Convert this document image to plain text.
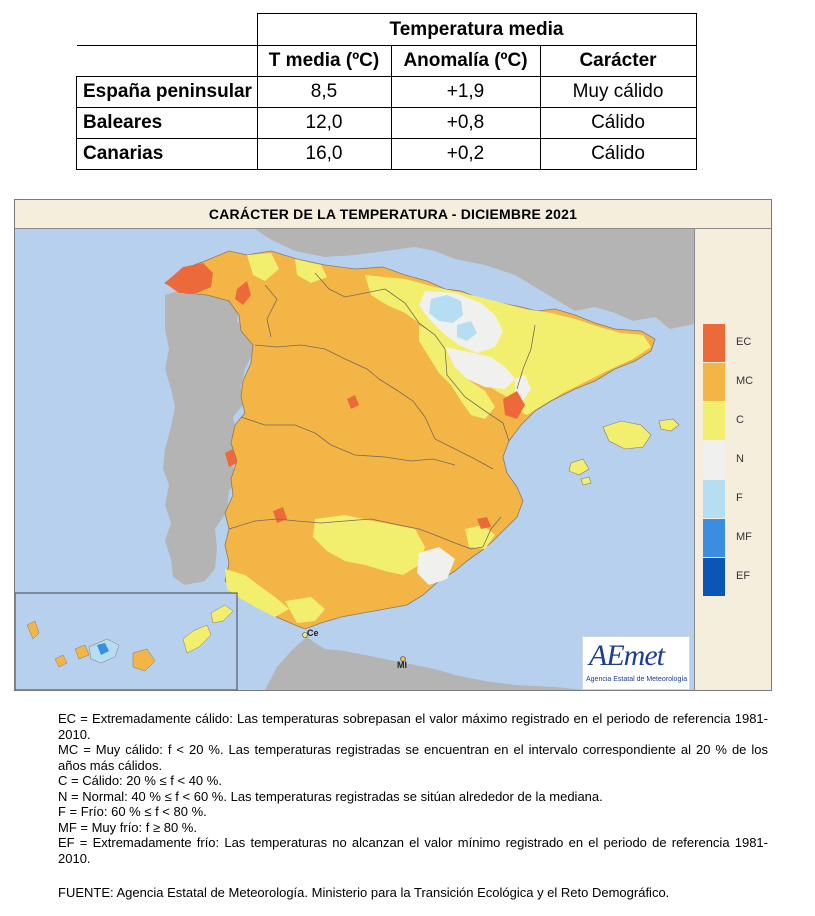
	Temperatura media		
	T media (ºC)	Anomalía (ºC)	Carácter
España peninsular	8,5	+1,9	Muy cálido
Baleares	12,0	+0,8	Cálido
Canarias	16,0	+0,2	Cálido
CARÁCTER DE LA TEMPERATURA - DICIEMBRE 2021
Ce
Ml	AEmet
Agencia Estatal de Meteorología
EC
MC
C
N
F
MF
EF

EC = Extremadamente cálido: Las temperaturas sobrepasan el valor máximo registrado en el periodo de referencia 1981-2010.

MC = Muy cálido: f < 20 %. Las temperaturas registradas se encuentran en el intervalo correspondiente al 20 % de los años más cálidos.

C = Cálido: 20 % ≤ f < 40 %.

N = Normal: 40 % ≤ f < 60 %. Las temperaturas registradas se sitúan alrededor de la mediana.

F = Frío: 60 % ≤ f < 80 %.

MF = Muy frío: f ≥ 80 %.

EF = Extremadamente frío: Las temperaturas no alcanzan el valor mínimo registrado en el periodo de referencia 1981-2010.

FUENTE: Agencia Estatal de Meteorología. Ministerio para la Transición Ecológica y el Reto Demográfico.
